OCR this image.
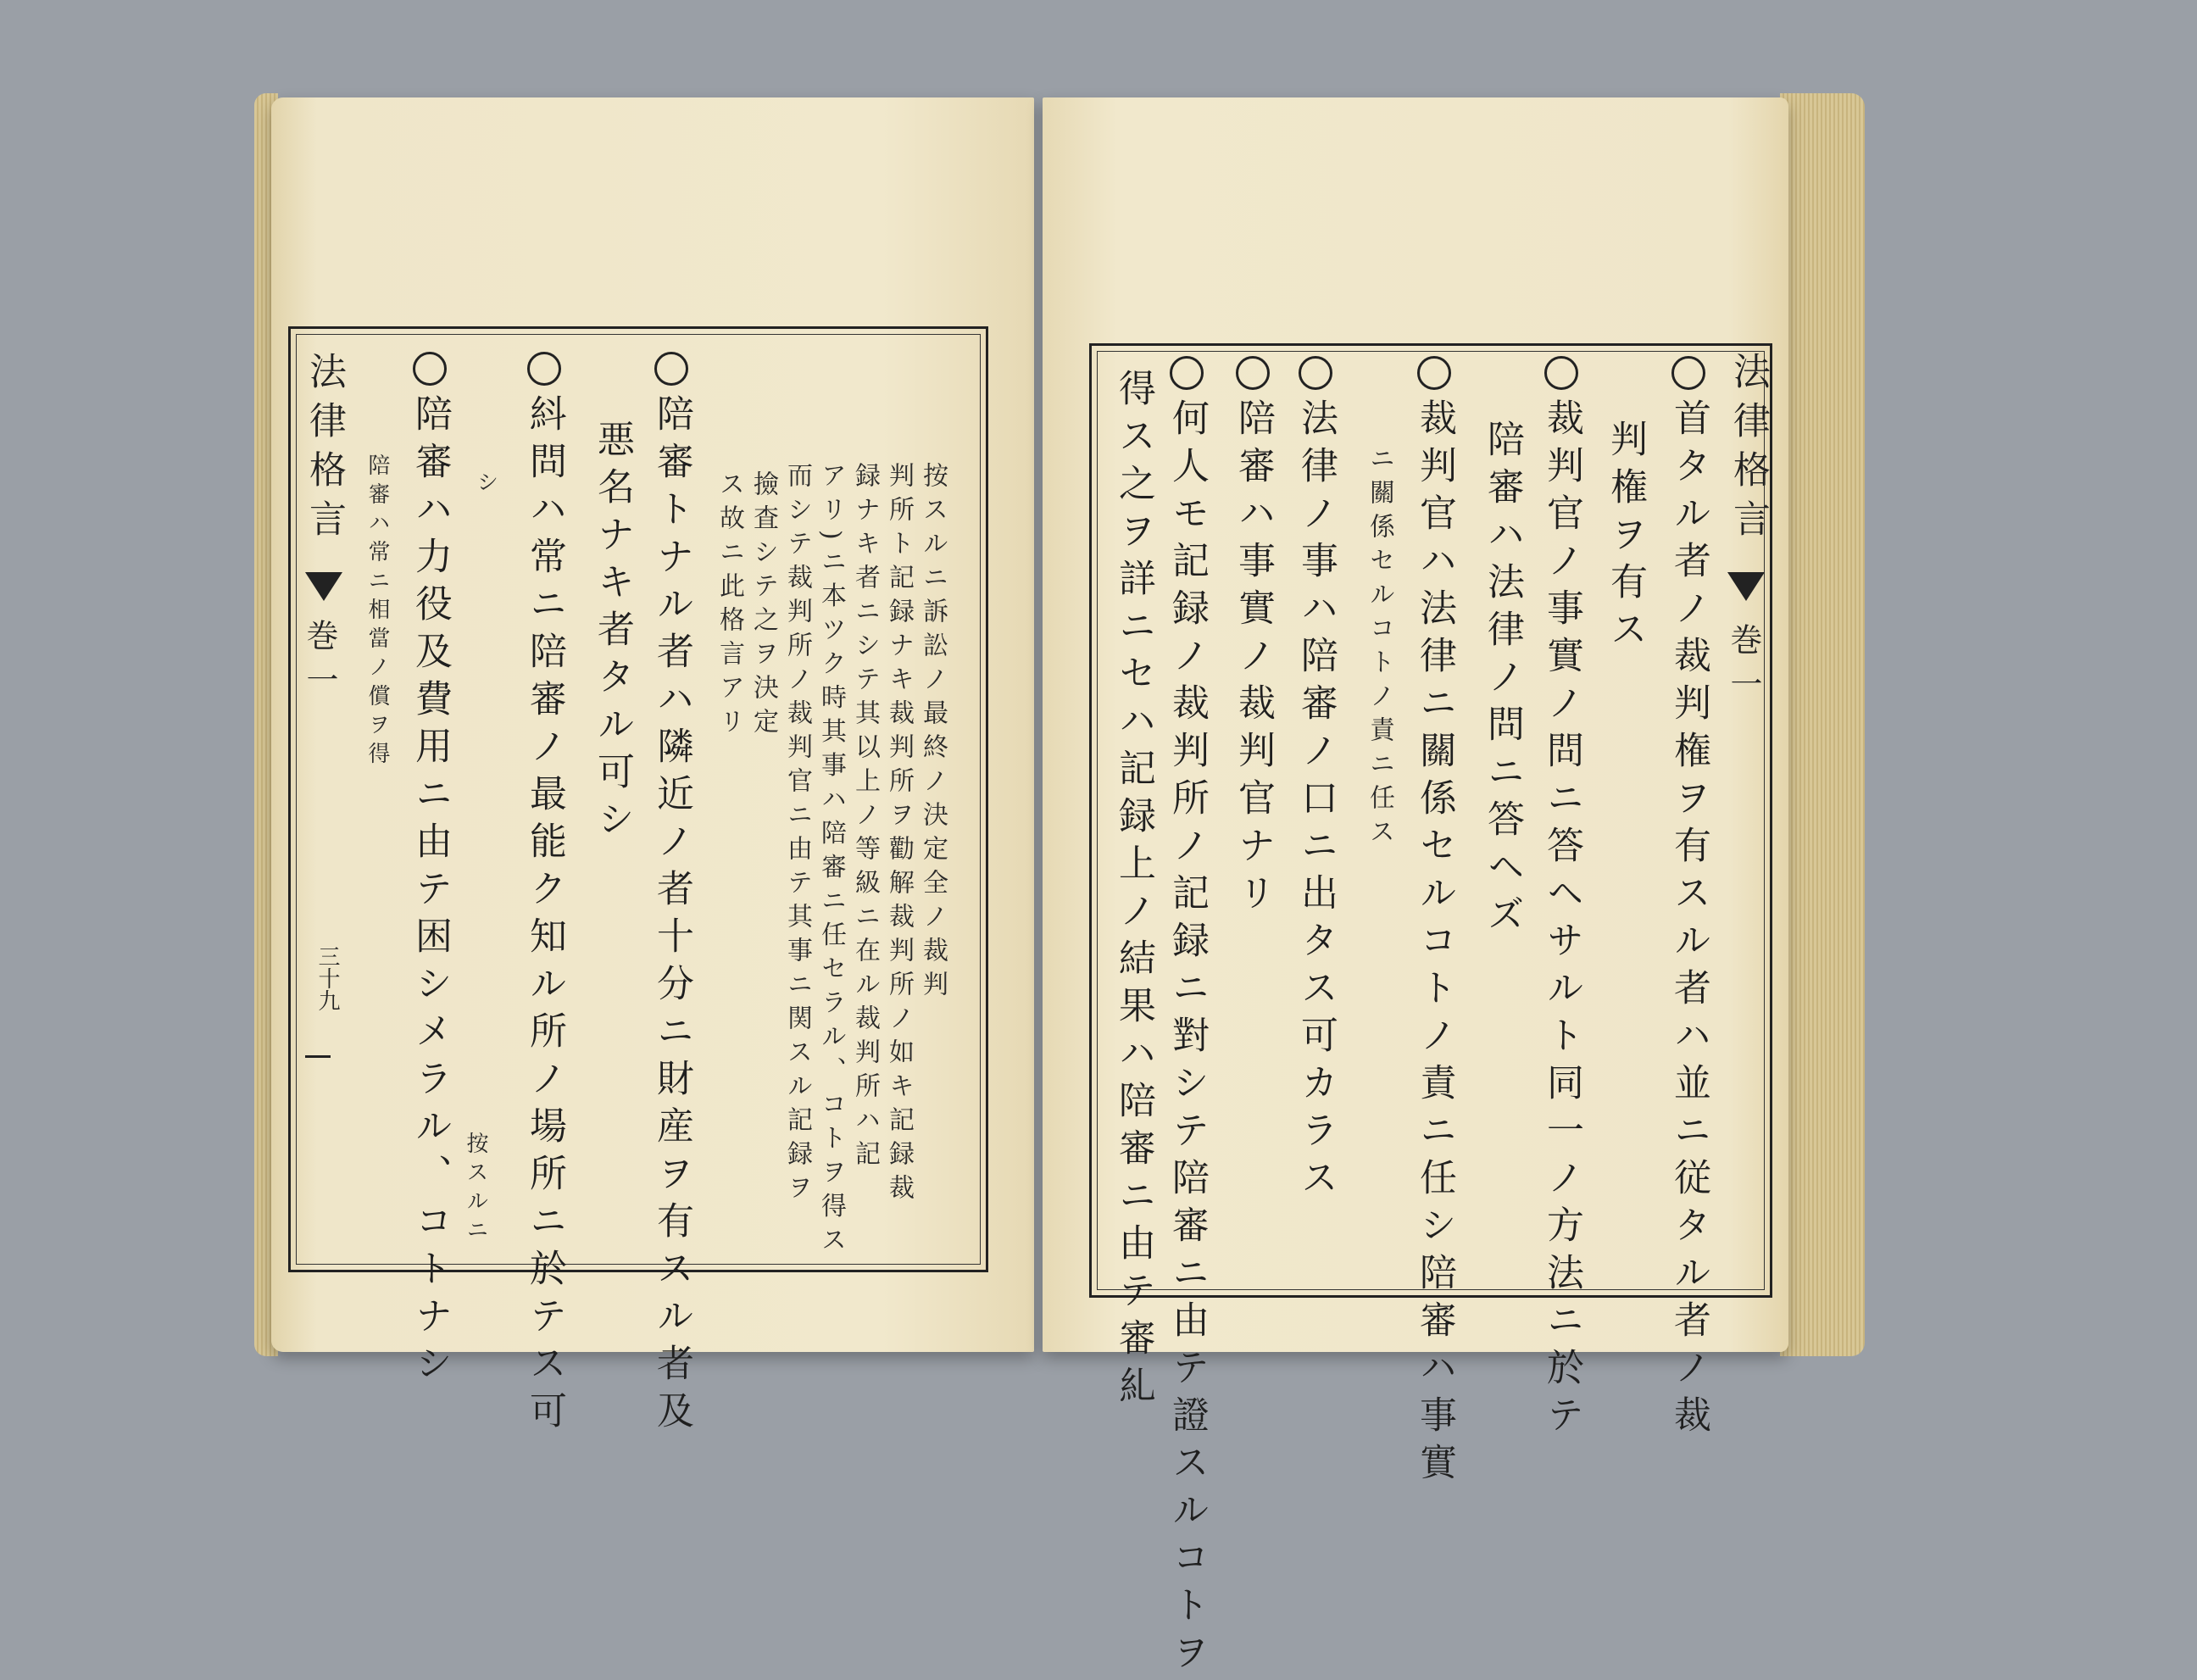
法律格言
巻一
三十九
陪審ハ常ニ相當ノ償ヲ得 陪審ハ力役及費用ニ由テ困シメラル、コトナシ 按スルニ
シ 紏問ハ常ニ陪審ノ最能ク知ル所ノ場所ニ於テス可 悪名ナキ者タル可シ 陪審トナル者ハ隣近ノ者十分ニ財産ヲ有スル者及 ス故ニ此格言アリ 撿査シテ之ヲ決定 而シテ裁判所ノ裁判官ニ由テ其事ニ関スル記録ヲ アリ)ニ本ツク時其事ハ陪審ニ任セラル、コトヲ得ス 録ナキ者ニシテ其以上ノ等級ニ在ル裁判所ハ記 判所ト記録ナキ裁判所ヲ勸解裁判所ノ如キ記録裁 按スルニ訴訟ノ最終ノ決定全ノ裁判	得ス之ヲ詳ニセハ記録上ノ結果ハ陪審ニ由テ審糺 何人モ記録ノ裁判所ノ記録ニ對シテ陪審ニ由テ證スルコトヲ 陪審ハ事實ノ裁判官ナリ 法律ノ事ハ陪審ノ口ニ出タス可カラス ニ關係セルコトノ責ニ任ス 裁判官ハ法律ニ關係セルコトノ責ニ任シ陪審ハ事實 陪審ハ法律ノ問ニ答ヘズ 裁判官ノ事實ノ問ニ答ヘサルト同一ノ方法ニ於テ 判権ヲ有ス 首タル者ノ裁判権ヲ有スル者ハ並ニ従タル者ノ裁 法律格言
巻一
